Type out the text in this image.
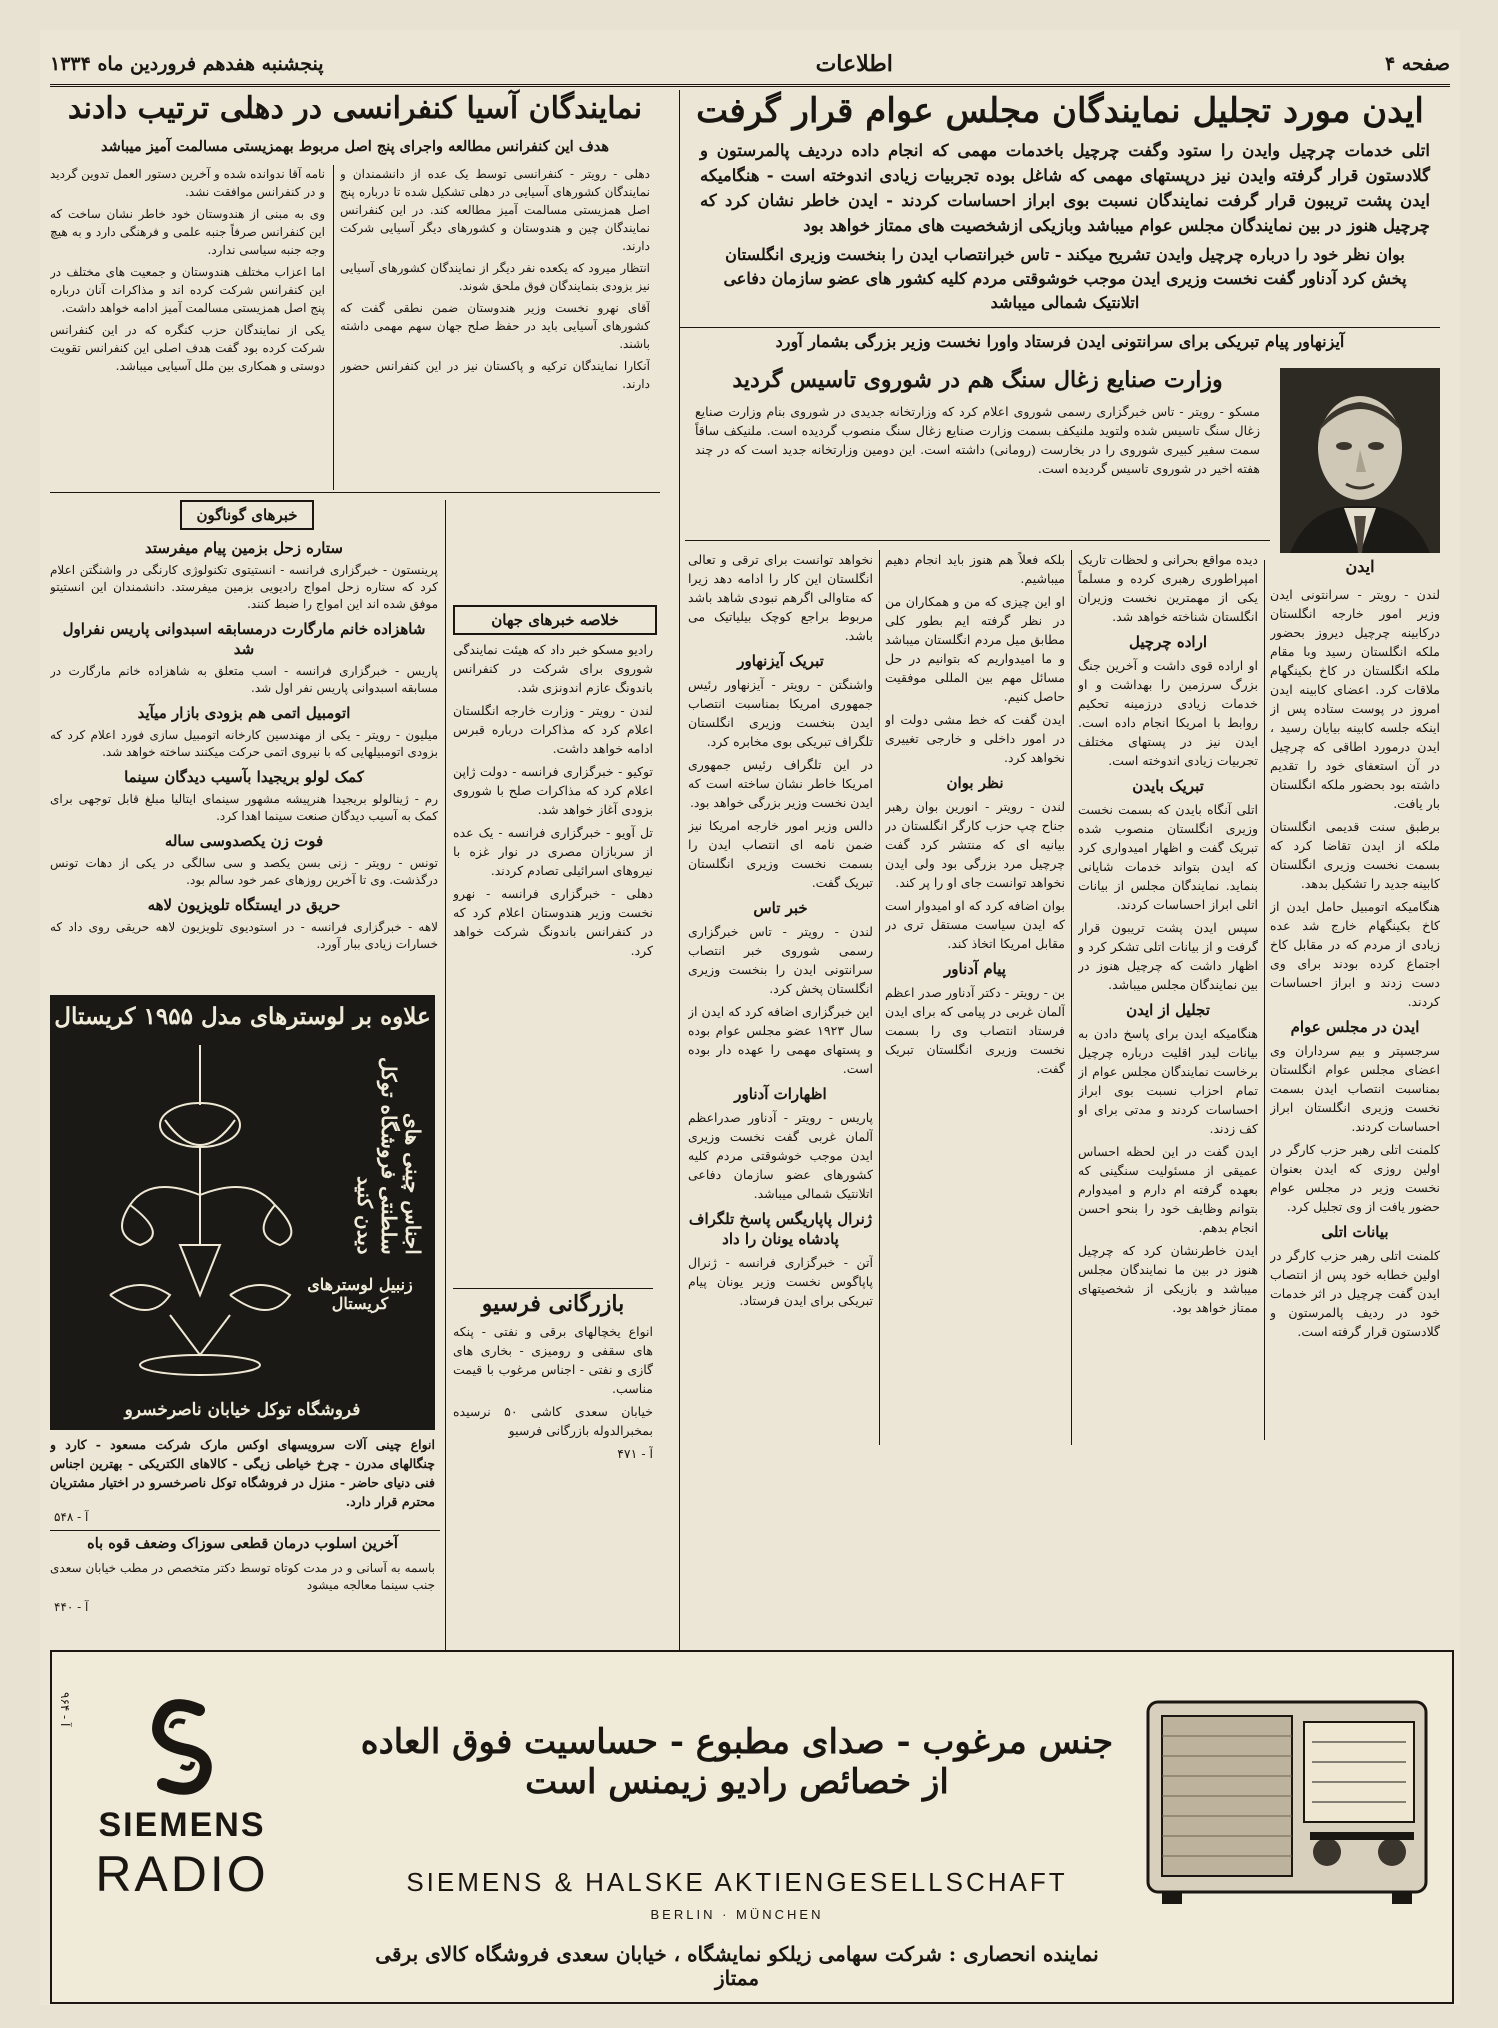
صفحه ۴
اطلاعات
پنجشنبه هفدهم فروردین ماه ۱۳۳۴
ایدن مورد تجلیل نمایندگان مجلس عوام قرار گرفت
اتلی خدمات چرچیل وایدن را ستود وگفت چرچیل باخدمات مهمی که انجام داده دردیف پالمرستون و گلادستون قرار گرفته وایدن نیز درپستهای مهمی که شاغل بوده تجربیات زیادی اندوخته است - هنگامیکه ایدن پشت تریبون قرار گرفت نمایندگان نسبت بوی ابراز احساسات کردند - ایدن خاطر نشان کرد که چرچیل هنوز در بین نمایندگان مجلس عوام میباشد وبازیکی ازشخصیت های ممتاز خواهد بود
بوان نظر خود را درباره چرچیل وایدن تشریح میکند - تاس خبرانتصاب ایدن را بنخست وزیری انگلستان پخش کرد آدناور گفت نخست وزیری ایدن موجب خوشوقتی مردم کلیه کشور های عضو سازمان دفاعی اتلانتیک شمالی میباشد
آیزنهاور پیام تبریکی برای سرانتونی ایدن فرستاد واورا نخست وزیر بزرگی بشمار آورد
ایدن
وزارت صنایع زغال سنگ هم در شوروی تاسیس گردید

مسکو - رویتر - تاس خبرگزاری رسمی شوروی اعلام کرد که وزارتخانه جدیدی در شوروی بنام وزارت صنایع زغال سنگ تاسیس شده ولتوید ملنیکف بسمت وزارت صنایع زغال سنگ منصوب گردیده است. ملنیکف ساقاً سمت سفیر کبیری شوروی را در بخارست (رومانی) داشته است. این دومین وزارتخانه جدید است که در چند هفته اخیر در شوروی تاسیس گردیده است.

لندن - رویتر - سرانتونی ایدن وزیر امور خارجه انگلستان درکابینه چرچیل دیروز بحضور ملکه انگلستان رسید وبا مقام ملکه انگلستان در کاخ بکینگهام ملاقات کرد. اعضای کابینه ایدن امروز در پوست ستاده پس از اینکه جلسه کابینه بیایان رسید ، ایدن درمورد اطاقی که چرچیل در آن استعفای خود را تقدیم داشته بود بحضور ملکه انگلستان بار یافت.

برطبق سنت قدیمی انگلستان ملکه از ایدن تقاضا کرد که بسمت نخست وزیری انگلستان کابینه جدید را تشکیل بدهد.

هنگامیکه اتومبیل حامل ایدن از کاخ بکینگهام خارج شد عده زیادی از مردم که در مقابل کاخ اجتماع کرده بودند برای وی دست زدند و ابراز احساسات کردند.

ایدن در مجلس عوام

سرجسپتر و بیم سرداران وی اعضای مجلس عوام انگلستان بمناسبت انتصاب ایدن بسمت نخست وزیری انگلستان ابراز احساسات کردند.

کلمنت اتلی رهبر حزب کارگر در اولین روزی که ایدن بعنوان نخست وزیر در مجلس عوام حضور یافت از وی تجلیل کرد.

بیانات اتلی

کلمنت اتلی رهبر حزب کارگر در اولین خطابه خود پس از انتصاب ایدن گفت چرچیل در اثر خدمات خود در ردیف پالمرستون و گلادستون قرار گرفته است.

دیده مواقع بحرانی و لحظات تاریک امپراطوری رهبری کرده و مسلماً یکی از مهمترین نخست وزیران انگلستان شناخته خواهد شد.

اراده چرچیل

او اراده قوی داشت و آخرین جنگ بزرگ سرزمین را بهداشت و او خدمات زیادی درزمینه تحکیم روابط با امریکا انجام داده است. ایدن نیز در پستهای مختلف تجربیات زیادی اندوخته است.

تبریک بایدن

اتلی آنگاه بایدن که بسمت نخست وزیری انگلستان منصوب شده تبریک گفت و اظهار امیدواری کرد که ایدن بتواند خدمات شایانی بنماید. نمایندگان مجلس از بیانات اتلی ابراز احساسات کردند.

سپس ایدن پشت تریبون قرار گرفت و از بیانات اتلی تشکر کرد و اظهار داشت که چرچیل هنوز در بین نمایندگان مجلس میباشد.

تجلیل از ایدن

هنگامیکه ایدن برای پاسخ دادن به بیانات لیدر اقلیت درباره چرچیل برخاست نمایندگان مجلس عوام از تمام احزاب نسبت بوی ابراز احساسات کردند و مدتی برای او کف زدند.

ایدن گفت در این لحظه احساس عمیقی از مسئولیت سنگینی که بعهده گرفته ام دارم و امیدوارم بتوانم وظایف خود را بنحو احسن انجام بدهم.

ایدن خاطرنشان کرد که چرچیل هنوز در بین ما نمایندگان مجلس میباشد و بازیکی از شخصیتهای ممتاز خواهد بود.

بلکه فعلاً هم هنوز باید انجام دهیم میباشیم.

او این چیزی که من و همکاران من در نظر گرفته ایم بطور کلی مطابق میل مردم انگلستان میباشد و ما امیدواریم که بتوانیم در حل مسائل مهم بین المللی موفقیت حاصل کنیم.

ایدن گفت که خط مشی دولت او در امور داخلی و خارجی تغییری نخواهد کرد.

نظر بوان

لندن - رویتر - انورین بوان رهبر جناح چپ حزب کارگر انگلستان در بیانیه ای که منتشر کرد گفت چرچیل مرد بزرگی بود ولی ایدن نخواهد توانست جای او را پر کند.

بوان اضافه کرد که او امیدوار است که ایدن سیاست مستقل تری در مقابل امریکا اتخاذ کند.

پیام آدناور

بن - رویتر - دکتر آدناور صدر اعظم آلمان غربی در پیامی که برای ایدن فرستاد انتصاب وی را بسمت نخست وزیری انگلستان تبریک گفت.

نخواهد توانست برای ترقی و تعالی انگلستان این کار را ادامه دهد زیرا که متاوالی اگرهم نبودی شاهد باشد مربوط براجع کوچک بیلیاتیک می باشد.

تبریک آیزنهاور

واشنگتن - رویتر - آیزنهاور رئیس جمهوری امریکا بمناسبت انتصاب ایدن بنخست وزیری انگلستان تلگراف تبریکی بوی مخابره کرد.

در این تلگراف رئیس جمهوری امریکا خاطر نشان ساخته است که ایدن نخست وزیر بزرگی خواهد بود.

دالس وزیر امور خارجه امریکا نیز ضمن نامه ای انتصاب ایدن را بسمت نخست وزیری انگلستان تبریک گفت.

خبر تاس

لندن - رویتر - تاس خبرگزاری رسمی شوروی خبر انتصاب سرانتونی ایدن را بنخست وزیری انگلستان پخش کرد.

این خبرگزاری اضافه کرد که ایدن از سال ۱۹۲۳ عضو مجلس عوام بوده و پستهای مهمی را عهده دار بوده است.

اظهارات آدناور

پاریس - رویتر - آدناور صدراعظم آلمان غربی گفت نخست وزیری ایدن موجب خوشوقتی مردم کلیه کشورهای عضو سازمان دفاعی اتلانتیک شمالی میباشد.

ژنرال پاپاریگس پاسخ تلگراف پادشاه یونان را داد

آتن - خبرگزاری فرانسه - ژنرال پاپاگوس نخست وزیر یونان پیام تبریکی برای ایدن فرستاد.

نمایندگان آسیا کنفرانسی در دهلی ترتیب دادند
هدف این کنفرانس مطالعه واجرای پنج اصل مربوط بهمزیستی مسالمت آمیز میباشد

دهلی - رویتر - کنفرانسی توسط یک عده از دانشمندان و نمایندگان کشورهای آسیایی در دهلی تشکیل شده تا درباره پنج اصل همزیستی مسالمت آمیز مطالعه کند. در این کنفرانس نمایندگان چین و هندوستان و کشورهای دیگر آسیایی شرکت دارند.

انتظار میرود که یکعده نفر دیگر از نمایندگان کشورهای آسیایی نیز بزودی بنمایندگان فوق ملحق شوند.

آقای نهرو نخست وزیر هندوستان ضمن نطقی گفت که کشورهای آسیایی باید در حفظ صلح جهان سهم مهمی داشته باشند.

آنکارا نمایندگان ترکیه و پاکستان نیز در این کنفرانس حضور دارند.

نامه آقا ندوانده شده و آخرین دستور العمل تدوین گردید و در کنفرانس موافقت نشد.

وی به مبنی از هندوستان خود خاطر نشان ساخت که این کنفرانس صرفاً جنبه علمی و فرهنگی دارد و به هیچ وجه جنبه سیاسی ندارد.

اما اعزاب مختلف هندوستان و جمعیت های مختلف در این کنفرانس شرکت کرده اند و مذاکرات آنان درباره پنج اصل همزیستی مسالمت آمیز ادامه خواهد داشت.

یکی از نمایندگان حزب کنگره که در این کنفرانس شرکت کرده بود گفت هدف اصلی این کنفرانس تقویت دوستی و همکاری بین ملل آسیایی میباشد.

خلاصه خبرهای جهان

رادیو مسکو خبر داد که هیئت نمایندگی شوروی برای شرکت در کنفرانس باندونگ عازم اندونزی شد.

لندن - رویتر - وزارت خارجه انگلستان اعلام کرد که مذاکرات درباره قبرس ادامه خواهد داشت.

توکیو - خبرگزاری فرانسه - دولت ژاپن اعلام کرد که مذاکرات صلح با شوروی بزودی آغاز خواهد شد.

تل آویو - خبرگزاری فرانسه - یک عده از سربازان مصری در نوار غزه با نیروهای اسرائیلی تصادم کردند.

دهلی - خبرگزاری فرانسه - نهرو نخست وزیر هندوستان اعلام کرد که در کنفرانس باندونگ شرکت خواهد کرد.

خبرهای گوناگون
ستاره زحل بزمین پیام میفرستد

پرینستون - خبرگزاری فرانسه - انستیتوی تکنولوژی کارنگی در واشنگتن اعلام کرد که ستاره زحل امواج رادیویی بزمین میفرستد. دانشمندان این انستیتو موفق شده اند این امواج را ضبط کنند.

شاهزاده خانم مارگارت درمسابقه اسبدوانی پاریس نفراول شد

پاریس - خبرگزاری فرانسه - اسب متعلق به شاهزاده خانم مارگارت در مسابقه اسبدوانی پاریس نفر اول شد.

اتومبیل اتمی هم بزودی بازار میآید

میلیون - رویتر - یکی از مهندسین کارخانه اتومبیل سازی فورد اعلام کرد که بزودی اتومبیلهایی که با نیروی اتمی حرکت میکنند ساخته خواهد شد.

کمک لولو بریجیدا بآسیب دیدگان سینما

رم - ژینالولو بریجیدا هنرپیشه مشهور سینمای ایتالیا مبلغ قابل توجهی برای کمک به آسیب دیدگان صنعت سینما اهدا کرد.

فوت زن یکصدوسی ساله

تونس - رویتر - زنی بسن یکصد و سی سالگی در یکی از دهات تونس درگذشت. وی تا آخرین روزهای عمر خود سالم بود.

حریق در ایستگاه تلویزیون لاهه

لاهه - خبرگزاری فرانسه - در استودیوی تلویزیون لاهه حریقی روی داد که خسارات زیادی ببار آورد.

علاوه بر لوسترهای مدل ۱۹۵۵ کریستال
اجناس چینی های سلطنتی فروشگاه توکل دیدن کنید
زنبیل لوسترهای کریستال
فروشگاه توکل خیابان ناصرخسرو

انواع چینی آلات سرویسهای اوکس مارک شرکت مسعود - کارد و چنگالهای مدرن - چرخ خیاطی زیگی - کالاهای الکتریکی - بهترین اجناس فنی دنیای حاضر - منزل در فروشگاه توکل ناصرخسرو در اختیار مشتریان محترم قرار دارد.

آ - ۵۴۸
آخرین اسلوب درمان قطعی سوزاک وضعف قوه باه

باسمه به آسانی و در مدت کوتاه توسط دکتر متخصص در مطب خیابان سعدی جنب سینما معالجه میشود

آ - ۴۴۰
بازرگانی فرسیو

انواع یخچالهای برقی و نفتی - پنکه های سقفی و رومیزی - بخاری های گازی و نفتی - اجناس مرغوب با قیمت مناسب.

خیابان سعدی کاشی ۵۰ نرسیده بمخبرالدوله بازرگانی فرسیو

آ - ۴۷۱

آ - ۹۶۴
SIEMENS
RADIO
جنس مرغوب - صدای مطبوع - حساسیت فوق العاده از خصائص رادیو زیمنس است
SIEMENS & HALSKE AKTIENGESELLSCHAFT
BERLIN · MÜNCHEN
نماینده انحصاری : شرکت سهامی زیلکو نمایشگاه ، خیابان سعدی فروشگاه کالای برقی ممتاز
